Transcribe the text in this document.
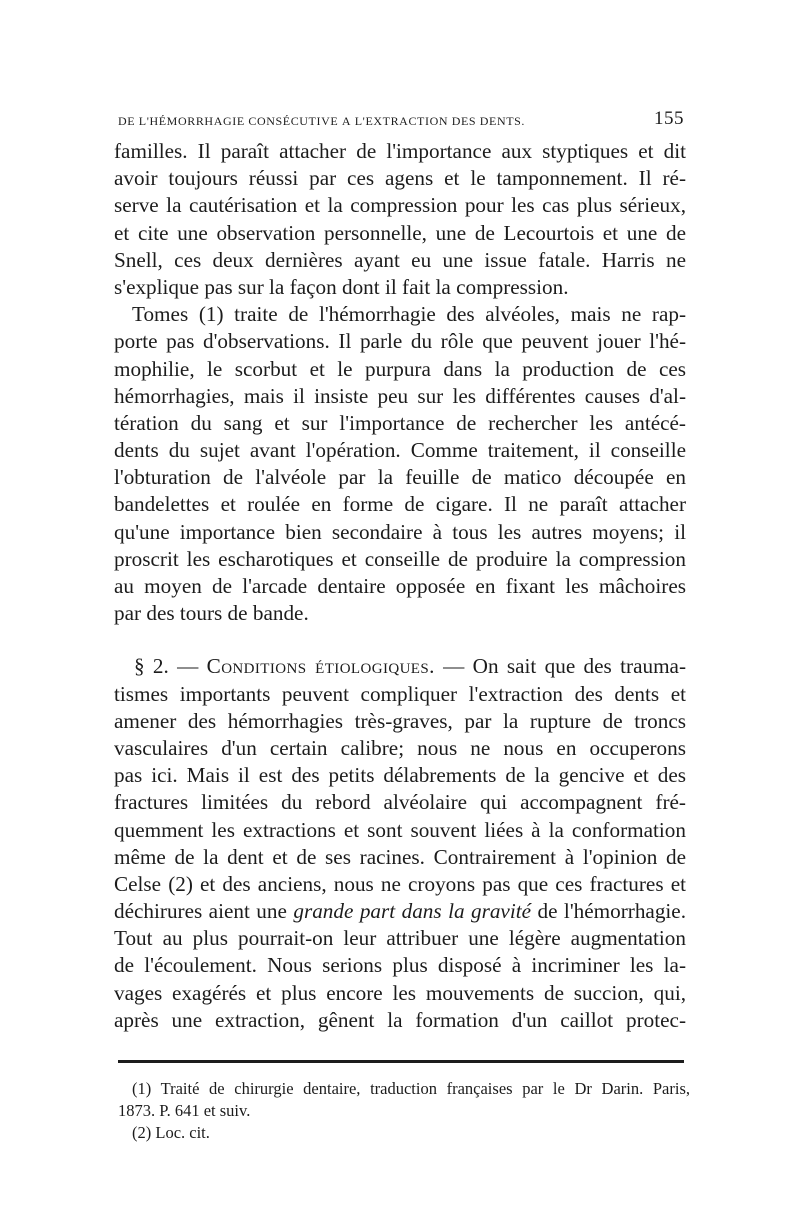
de l'hémorrhagie consécutive a l'extraction des dents.	155
familles. Il paraît attacher de l'importance aux styptiques et dit
avoir toujours réussi par ces agens et le tamponnement. Il ré-
serve la cautérisation et la compression pour les cas plus sérieux,
et cite une observation personnelle, une de Lecourtois et une de
Snell, ces deux dernières ayant eu une issue fatale. Harris ne
s'explique pas sur la façon dont il fait la compression.
Tomes (1) traite de l'hémorrhagie des alvéoles, mais ne rap-
porte pas d'observations. Il parle du rôle que peuvent jouer l'hé-
mophilie, le scorbut et le purpura dans la production de ces
hémorrhagies, mais il insiste peu sur les différentes causes d'al-
tération du sang et sur l'importance de rechercher les antécé-
dents du sujet avant l'opération. Comme traitement, il conseille
l'obturation de l'alvéole par la feuille de matico découpée en
bandelettes et roulée en forme de cigare. Il ne paraît attacher
qu'une importance bien secondaire à tous les autres moyens; il
proscrit les escharotiques et conseille de produire la compression
au moyen de l'arcade dentaire opposée en fixant les mâchoires
par des tours de bande.
§ 2. — Conditions étiologiques. — On sait que des trauma-
tismes importants peuvent compliquer l'extraction des dents et
amener des hémorrhagies très-graves, par la rupture de troncs
vasculaires d'un certain calibre; nous ne nous en occuperons
pas ici. Mais il est des petits délabrements de la gencive et des
fractures limitées du rebord alvéolaire qui accompagnent fré-
quemment les extractions et sont souvent liées à la conformation
même de la dent et de ses racines. Contrairement à l'opinion de
Celse (2) et des anciens, nous ne croyons pas que ces fractures et
déchirures aient une grande part dans la gravité de l'hémorrhagie.
Tout au plus pourrait-on leur attribuer une légère augmentation
de l'écoulement. Nous serions plus disposé à incriminer les la-
vages exagérés et plus encore les mouvements de succion, qui,
après une extraction, gênent la formation d'un caillot protec-
(1) Traité de chirurgie dentaire, traduction françaises par le Dr Darin. Paris,
1873. P. 641 et suiv.
(2) Loc. cit.
